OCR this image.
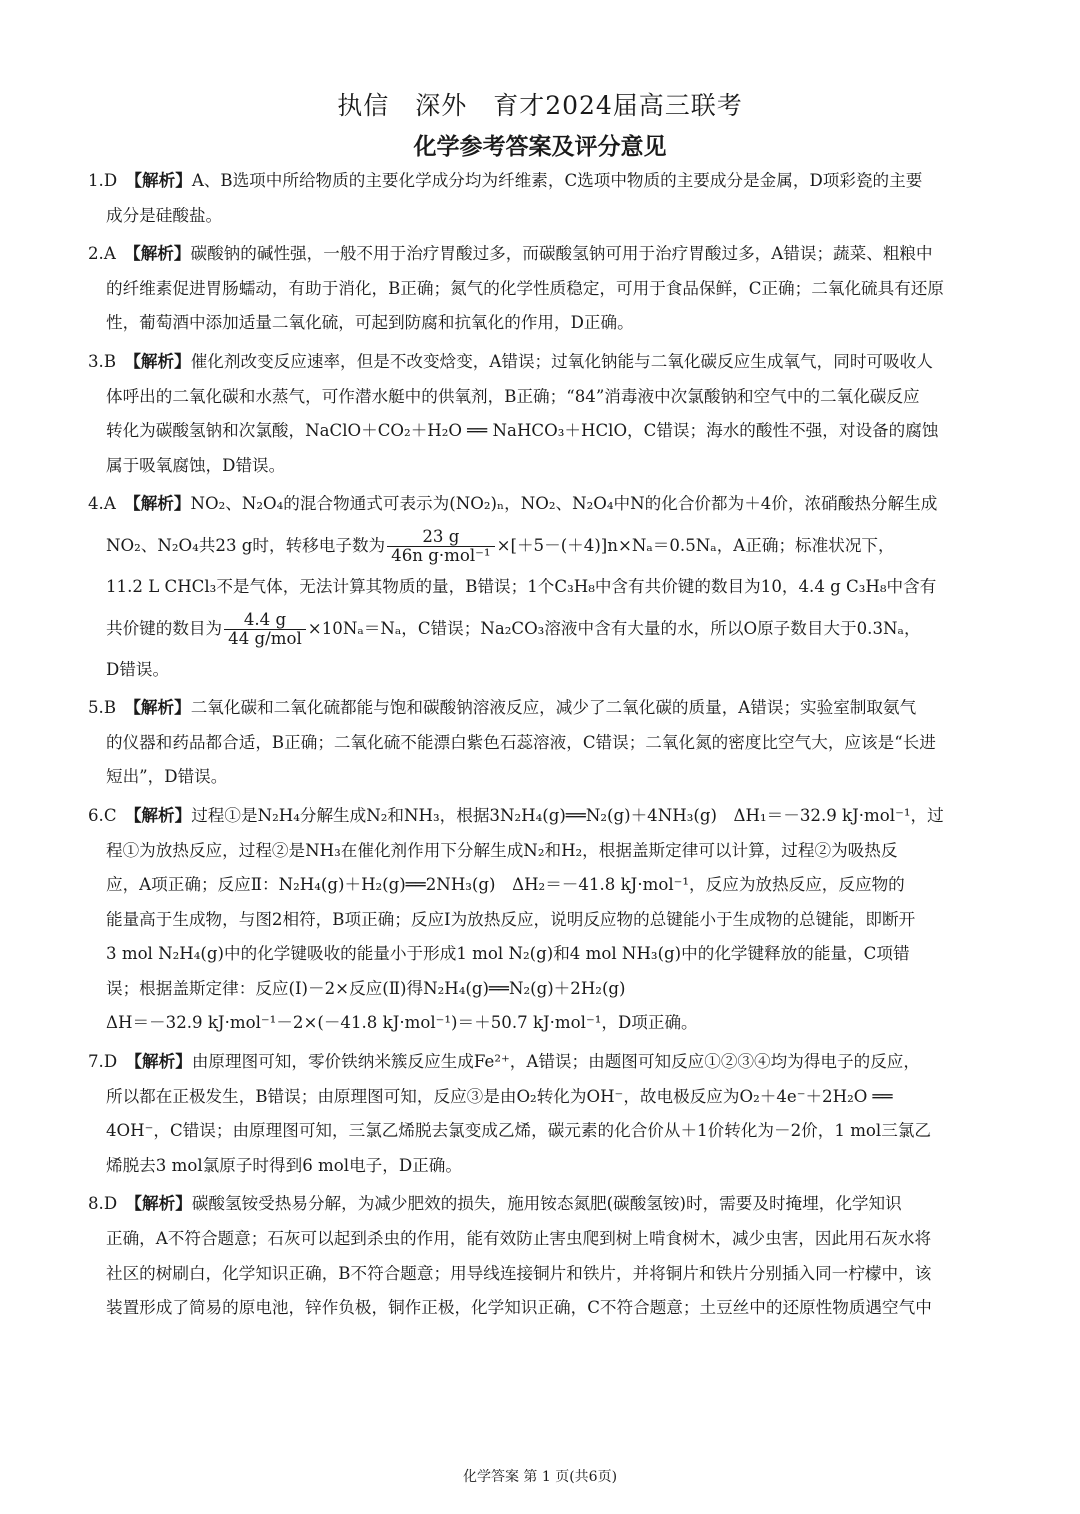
执信　深外　育才2024届高三联考
化学参考答案及评分意见
1.D　 【解析】A、B选项中所给物质的主要化学成分均为纤维素，C选项中物质的主要成分是金属，D项彩瓷的主要
成分是硅酸盐。
2.A　 【解析】碳酸钠的碱性强，一般不用于治疗胃酸过多，而碳酸氢钠可用于治疗胃酸过多，A错误；蔬菜、粗粮中
的纤维素促进胃肠蠕动，有助于消化，B正确；氮气的化学性质稳定，可用于食品保鲜，C正确；二氧化硫具有还原
性，葡萄酒中添加适量二氧化硫，可起到防腐和抗氧化的作用，D正确。
3.B　 【解析】催化剂改变反应速率，但是不改变焓变，A错误；过氧化钠能与二氧化碳反应生成氧气，同时可吸收人
体呼出的二氧化碳和水蒸气，可作潜水艇中的供氧剂，B正确；“84”消毒液中次氯酸钠和空气中的二氧化碳反应
转化为碳酸氢钠和次氯酸，NaClO＋CO₂＋H₂O ══ NaHCO₃＋HClO，C错误；海水的酸性不强，对设备的腐蚀
属于吸氧腐蚀，D错误。
4.A　 【解析】NO₂、N₂O₄的混合物通式可表示为(NO₂)ₙ，NO₂、N₂O₄中N的化合价都为＋4价，浓硝酸热分解生成
NO₂、N₂O₄共23 g时，转移电子数为 $\frac{23 g}{\text{46n g·mol⁻¹}} \times[+5-(+4)]n\times N_a=0.5N_a$，A正确；标准状况下，
11.2 L CHCl₃不是气体，无法计算其物质的量，B错误；1个C₃H₈中含有共价键的数目为10，4.4 g C₃H₈中含有
共价键的数目为 $\frac{4.4 g}{\text{44 g/mol}} \times 10N_a=N_a$，C错误；Na₂CO₃溶液中含有大量的水，所以O原子数目大于0.3Nₐ，
D错误。
5.B　 【解析】二氧化碳和二氧化硫都能与饱和碳酸钠溶液反应，减少了二氧化碳的质量，A错误；实验室制取氨气
的仪器和药品都合适，B正确；二氧化硫不能漂白紫色石蕊溶液，C错误；二氧化氮的密度比空气大，应该是“长进
短出”，D错误。
6.C　 【解析】过程①是N₂H₄分解生成N₂和NH₃，根据3N₂H₄(g)══N₂(g)＋4NH₃(g)　ΔH₁＝－32.9 kJ·mol⁻¹，过
程①为放热反应，过程②是NH₃在催化剂作用下分解生成N₂和H₂，根据盖斯定律可以计算，过程②为吸热反
应，A项正确；反应Ⅱ：N₂H₄(g)＋H₂(g)══2NH₃(g)　ΔH₂＝－41.8 kJ·mol⁻¹，反应为放热反应，反应物的
能量高于生成物，与图2相符，B项正确；反应Ⅰ为放热反应，说明反应物的总键能小于生成物的总键能，即断开
3 mol N₂H₄(g)中的化学键吸收的能量小于形成1 mol N₂(g)和4 mol NH₃(g)中的化学键释放的能量，C项错
误；根据盖斯定律：反应(Ⅰ)－2×反应(Ⅱ)得N₂H₄(g)══N₂(g)＋2H₂(g)
ΔH＝－32.9 kJ·mol⁻¹－2×(－41.8 kJ·mol⁻¹)＝＋50.7 kJ·mol⁻¹，D项正确。
7.D　 【解析】由原理图可知，零价铁纳米簇反应生成Fe²⁺，A错误；由题图可知反应①②③④均为得电子的反应，
所以都在正极发生，B错误；由原理图可知，反应③是由O₂转化为OH⁻，故电极反应为O₂＋4e⁻＋2H₂O ══
4OH⁻，C错误；由原理图可知，三氯乙烯脱去氯变成乙烯，碳元素的化合价从＋1价转化为－2价，1 mol三氯乙
烯脱去3 mol氯原子时得到6 mol电子，D正确。
8.D　 【解析】碳酸氢铵受热易分解，为减少肥效的损失，施用铵态氮肥(碳酸氢铵)时，需要及时掩埋，化学知识
正确，A不符合题意；石灰可以起到杀虫的作用，能有效防止害虫爬到树上啃食树木，减少虫害，因此用石灰水将
社区的树刷白，化学知识正确，B不符合题意；用导线连接铜片和铁片，并将铜片和铁片分别插入同一柠檬中，该
装置形成了简易的原电池，锌作负极，铜作正极，化学知识正确，C不符合题意；土豆丝中的还原性物质遇空气中
化学答案 第 1 页(共6页)
